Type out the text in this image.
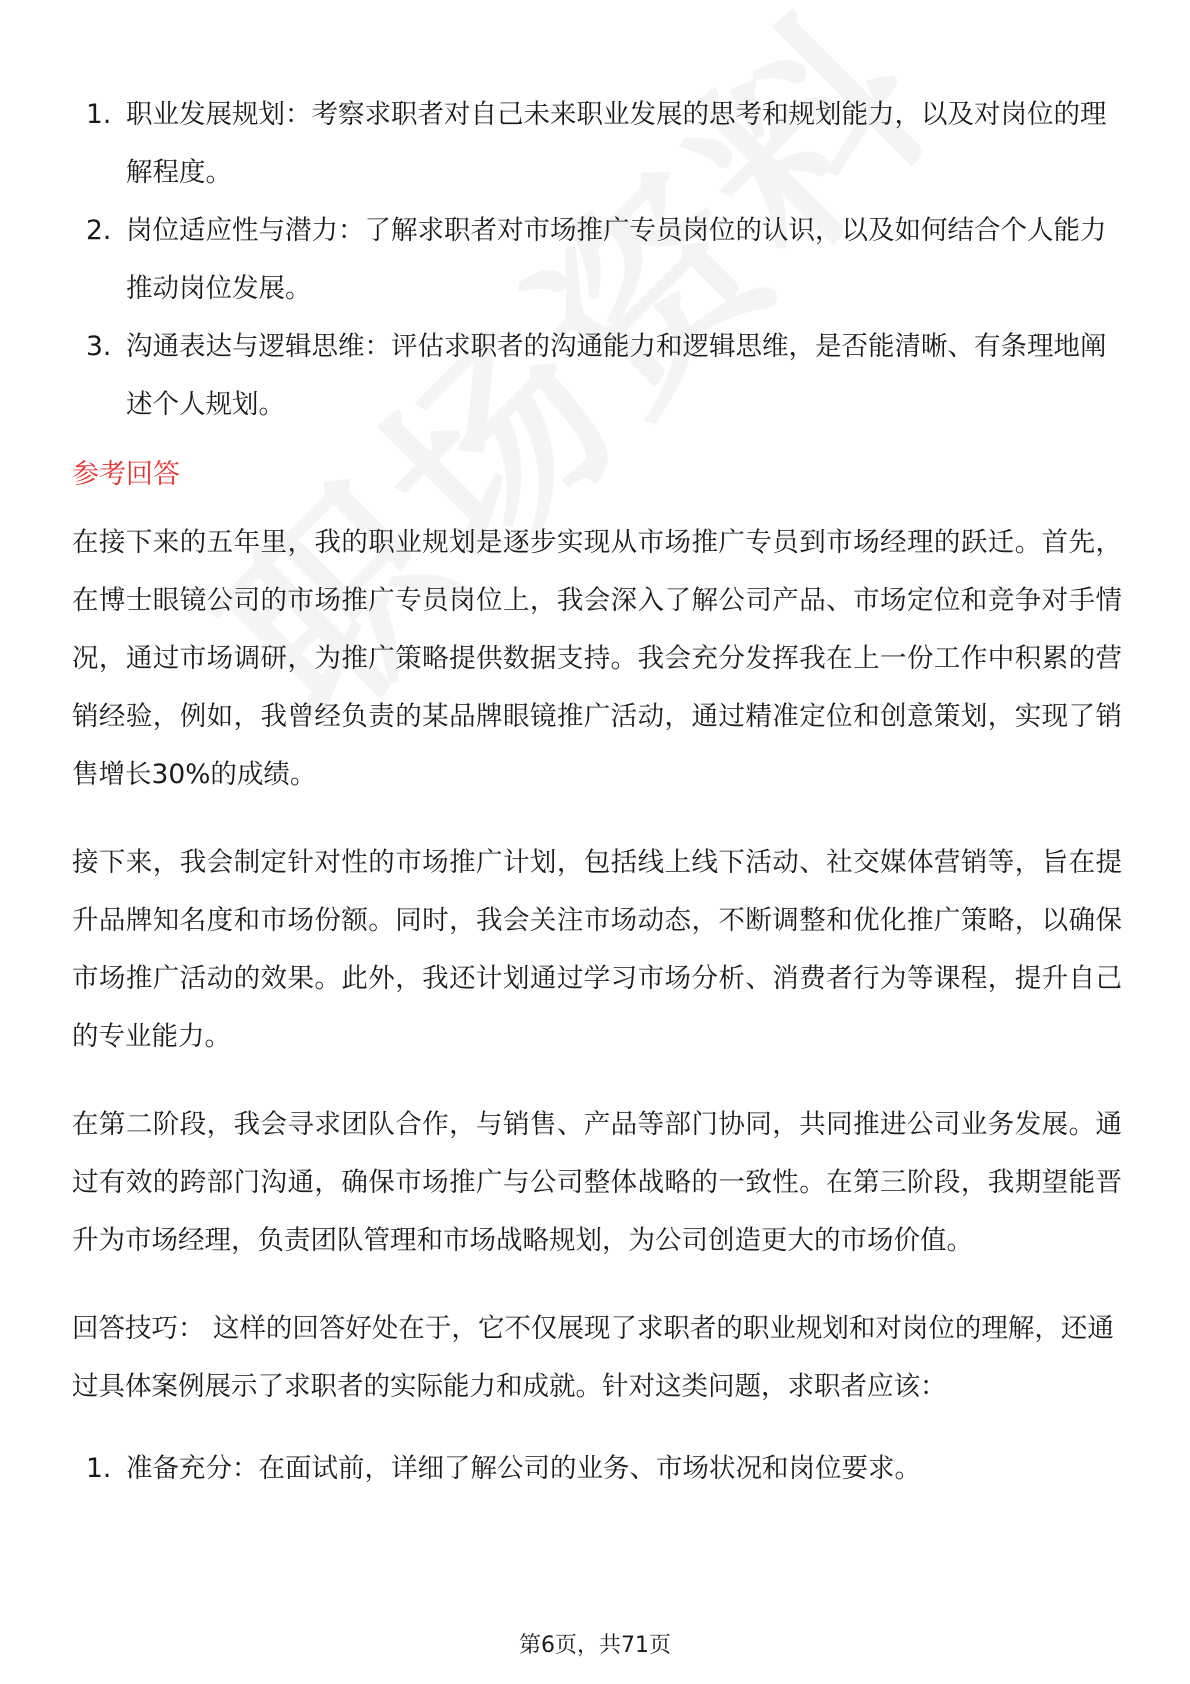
1. 职业发展规划：考察求职者对自己未来职业发展的思考和规划能力，以及对岗位的理解程度。
2. 岗位适应性与潜力：了解求职者对市场推广专员岗位的认识，以及如何结合个人能力推动岗位发展。
3. 沟通表达与逻辑思维：评估求职者的沟通能力和逻辑思维，是否能清晰、有条理地阐述个人规划。
参考回答

在接下来的五年里，我的职业规划是逐步实现从市场推广专员到市场经理的跃迁。首先，在博士眼镜公司的市场推广专员岗位上，我会深入了解公司产品、市场定位和竞争对手情况，通过市场调研，为推广策略提供数据支持。我会充分发挥我在上一份工作中积累的营销经验，例如，我曾经负责的某品牌眼镜推广活动，通过精准定位和创意策划，实现了销售增长30%的成绩。

接下来，我会制定针对性的市场推广计划，包括线上线下活动、社交媒体营销等，旨在提升品牌知名度和市场份额。同时，我会关注市场动态，不断调整和优化推广策略，以确保市场推广活动的效果。此外，我还计划通过学习市场分析、消费者行为等课程，提升自己的专业能力。

在第二阶段，我会寻求团队合作，与销售、产品等部门协同，共同推进公司业务发展。通过有效的跨部门沟通，确保市场推广与公司整体战略的一致性。在第三阶段，我期望能晋升为市场经理，负责团队管理和市场战略规划，为公司创造更大的市场价值。

回答技巧： 这样的回答好处在于，它不仅展现了求职者的职业规划和对岗位的理解，还通过具体案例展示了求职者的实际能力和成就。针对这类问题，求职者应该：

1. 准备充分：在面试前，详细了解公司的业务、市场状况和岗位要求。
第6页，共71页
